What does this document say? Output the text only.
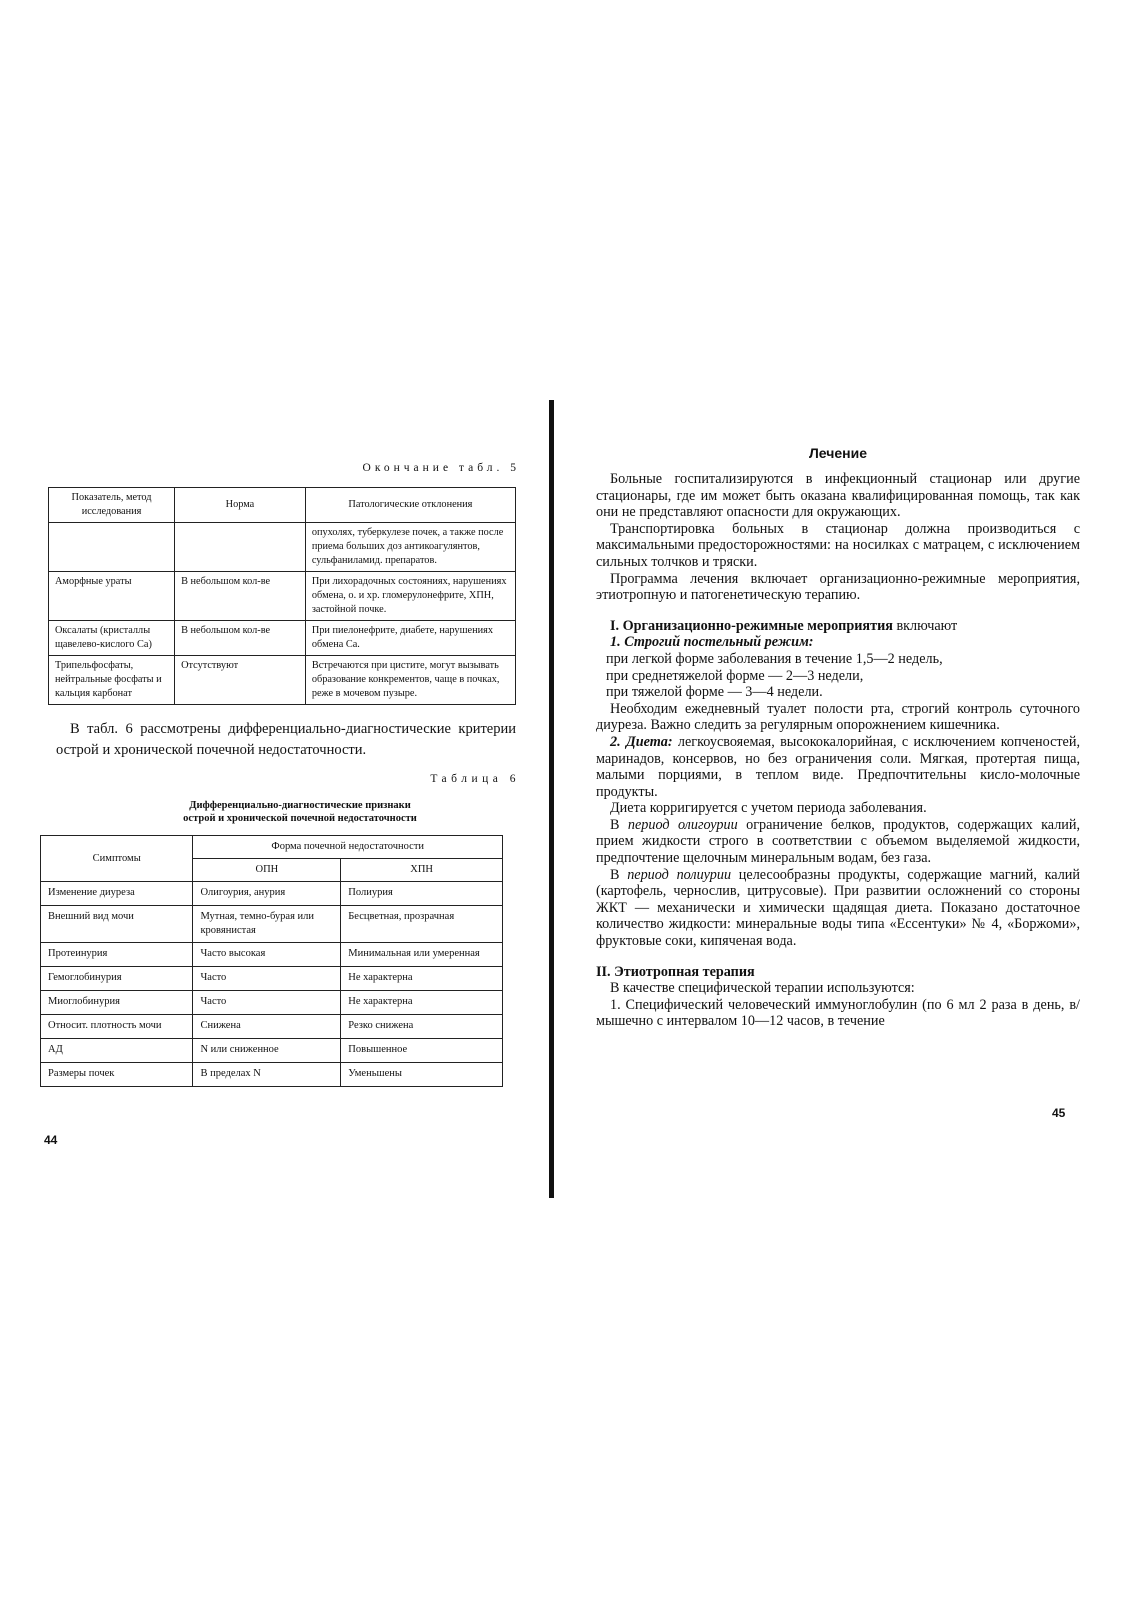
Окончание табл. 5
Показатель, метод исследования	Норма	Патологические отклонения
		опухолях, туберкулезе почек, а также после приема больших доз антикоагулянтов, сульфаниламид. препаратов.
Аморфные ураты	В небольшом кол-ве	При лихорадочных состояниях, нарушениях обмена, о. и хр. гломерулонефрите, ХПН, застойной почке.
Оксалаты (кристаллы щавелево-кислого Са)	В небольшом кол-ве	При пиелонефрите, диабете, нарушениях обмена Са.
Трипельфосфаты, нейтральные фосфаты и кальция карбонат	Отсутствуют	Встречаются при цистите, могут вызывать образование конкрементов, чаще в почках, реже в мочевом пузыре.

В табл. 6 рассмотрены дифференциально-диагностические критерии острой и хронической почечной недостаточности.

Таблица 6
Дифференциально-диагностические признаки
острой и хронической почечной недостаточности
Симптомы	Форма почечной недостаточности	
	ОПН	ХПН
Изменение диуреза	Олигоурия, анурия	Полиурия
Внешний вид мочи	Мутная, темно-бурая или кровянистая	Бесцветная, прозрачная
Протеинурия	Часто высокая	Минимальная или умеренная
Гемоглобинурия	Часто	Не характерна
Миоглобинурия	Часто	Не характерна
Относит. плотность мочи	Снижена	Резко снижена
АД	N или сниженное	Повышенное
Размеры почек	В пределах N	Уменьшены
44
Лечение

Больные госпитализируются в инфекционный стационар или другие стационары, где им может быть оказана квалифицированная помощь, так как они не представляют опасности для окружающих.

Транспортировка больных в стационар должна производиться с максимальными предосторожностями: на носилках с матрацем, с исключением сильных толчков и тряски.

Программа лечения включает организационно-режимные мероприятия, этиотропную и патогенетическую терапию.

I. Организационно-режимные мероприятия включают

1. Строгий постельный режим:

при легкой форме заболевания в течение 1,5—2 недель,

при среднетяжелой форме — 2—3 недели,

при тяжелой форме — 3—4 недели.

Необходим ежедневный туалет полости рта, строгий контроль суточного диуреза. Важно следить за регулярным опорожнением кишечника.

2. Диета: легкоусвояемая, высококалорийная, с исключением копченостей, маринадов, консервов, но без ограничения соли. Мягкая, протертая пища, малыми порциями, в теплом виде. Предпочтительны кисло-молочные продукты.

Диета корригируется с учетом периода заболевания.

В период олигоурии ограничение белков, продуктов, содержащих калий, прием жидкости строго в соответствии с объемом выделяемой жидкости, предпочтение щелочным минеральным водам, без газа.

В период полиурии целесообразны продукты, содержащие магний, калий (картофель, чернослив, цитрусовые). При развитии осложнений со стороны ЖКТ — механически и химически щадящая диета. Показано достаточное количество жидкости: минеральные воды типа «Ессентуки» № 4, «Боржоми», фруктовые соки, кипяченая вода.

II. Этиотропная терапия

В качестве специфической терапии используются:

1. Специфический человеческий иммуноглобулин (по 6 мл 2 раза в день, в/мышечно с интервалом 10—12 часов, в течение

45
